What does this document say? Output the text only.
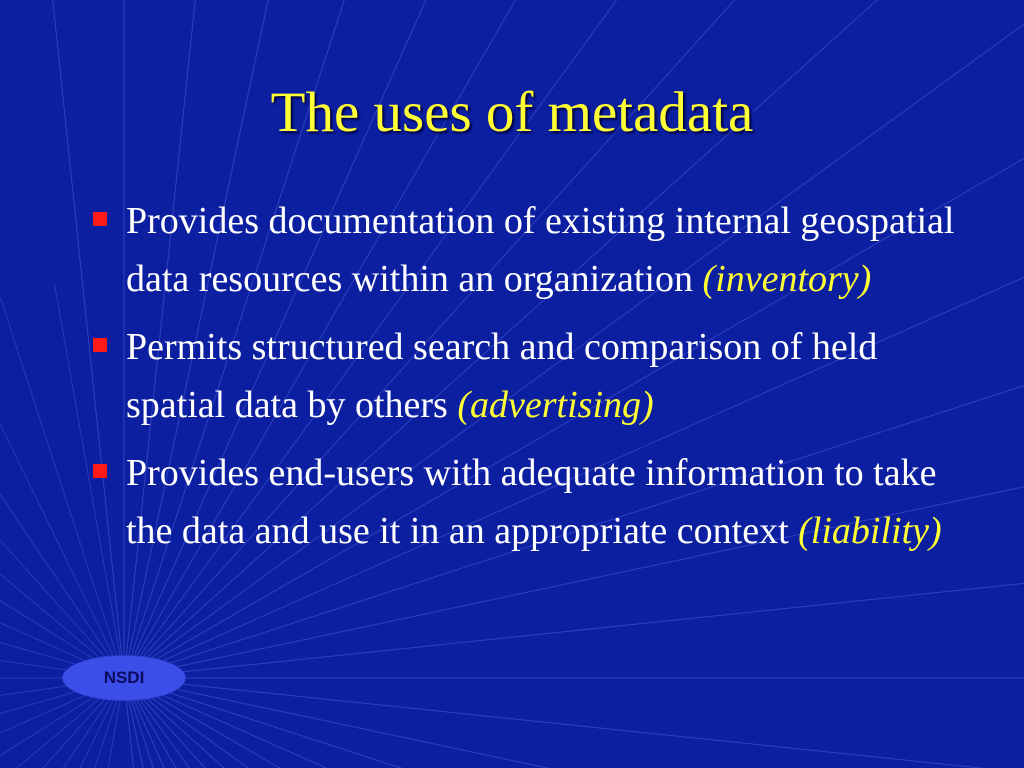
The uses of metadata
Provides documentation of existing internal geospatial data resources within an organization (inventory)
Permits structured search and comparison of held spatial data by others (advertising)
Provides end-users with adequate information to take the data and use it in an appropriate context (liability)
NSDI
